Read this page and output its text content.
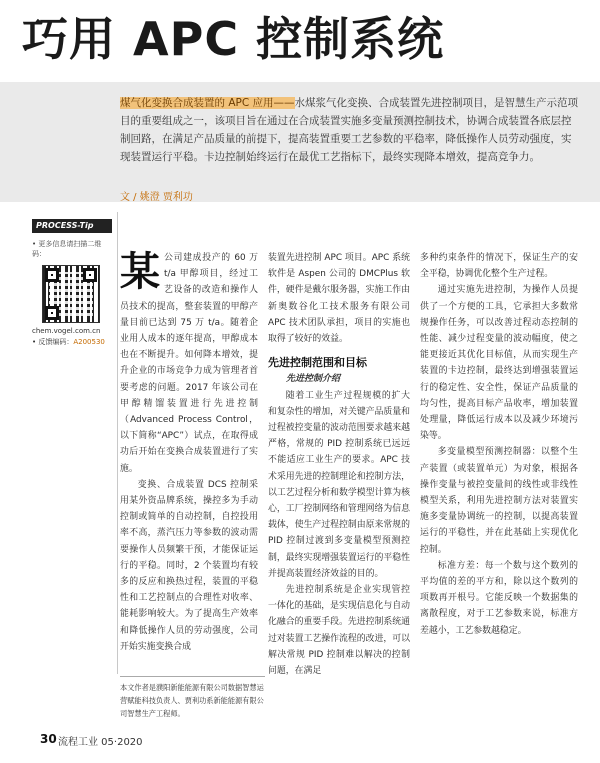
巧用 APC 控制系统
煤气化变换合成装置的 APC 应用——水煤浆气化变换、合成装置先进控制项目，是智慧生产示范项目的重要组成之一，该项目旨在通过在合成装置实施多变量预测控制技术，协调合成装置各底层控制回路，在满足产品质量的前提下，提高装置重要工艺参数的平稳率，降低操作人员劳动强度，实现装置运行平稳。卡边控制始终运行在最优工艺指标下，最终实现降本增效，提高竞争力。
文 / 姚澄 贾利功
PROCESS-Tip
• 更多信息请扫描二维码：
chem.vogel.com.cn
• 反馈编码：A200530

某公司建成投产的 60 万 t/a 甲醇项目，经过工艺设备的改造和操作人员技术的提高，整套装置的甲醇产量目前已达到 75 万 t/a。随着企业用人成本的逐年提高，甲醇成本也在不断提升。如何降本增效，提升企业的市场竞争力成为管理者首要考虑的问题。2017 年该公司在甲醇精馏装置进行先进控制（Advanced Process Control，以下简称“APC”）试点，在取得成功后开始在变换合成装置进行了实施。

变换、合成装置 DCS 控制采用某外资品牌系统，操控多为手动控制或简单的自动控制，自控投用率不高，蒸汽压力等参数的波动需要操作人员频繁干预，才能保证运行的平稳。同时，2 个装置均有较多的反应和换热过程，装置的平稳性和工艺控制点的合理性对收率、能耗影响较大。为了提高生产效率和降低操作人员的劳动强度，公司开始实施变换合成

装置先进控制 APC 项目。APC 系统软件是 Aspen 公司的 DMCPlus 软件，硬件是戴尔服务器，实施工作由新奥数谷化工技术服务有限公司 APC 技术团队承担，项目的实施也取得了较好的效益。

先进控制范围和目标
先进控制介绍

随着工业生产过程规模的扩大和复杂性的增加，对关键产品质量和过程被控变量的波动范围要求越来越严格，常规的 PID 控制系统已远远不能适应工业生产的要求。APC 技术采用先进的控制理论和控制方法，以工艺过程分析和数学模型计算为核心，工厂控制网络和管理网络为信息载体，使生产过程控制由原来常规的 PID 控制过渡到多变量模型预测控制，最终实现增强装置运行的平稳性并提高装置经济效益的目的。

先进控制系统是企业实现管控一体化的基础，是实现信息化与自动化融合的重要手段。先进控制系统通过对装置工艺操作流程的改进，可以解决常规 PID 控制难以解决的控制问题，在满足

多种约束条件的情况下，保证生产的安全平稳，协调优化整个生产过程。

通过实施先进控制，为操作人员提供了一个方便的工具，它承担大多数常规操作任务，可以改善过程动态控制的性能、减少过程变量的波动幅度，使之能更接近其优化目标值，从而实现生产装置的卡边控制，最终达到增强装置运行的稳定性、安全性，保证产品质量的均匀性，提高目标产品收率，增加装置处理量，降低运行成本以及减少环境污染等。

多变量模型预测控制器：以整个生产装置（或装置单元）为对象，根据各操作变量与被控变量间的线性或非线性模型关系，利用先进控制方法对装置实施多变量协调统一的控制，以提高装置运行的平稳性，并在此基础上实现优化控制。

标准方差：每一个数与这个数列的平均值的差的平方和，除以这个数列的项数再开根号。它能反映一个数据集的离散程度，对于工艺参数来说，标准方差越小，工艺参数越稳定。

本文作者是濮阳新能能源有限公司数据智慧运营赋能科技负责人、贾利功系新能能源有限公司智慧生产工程师。
30 流程工业 05·2020
